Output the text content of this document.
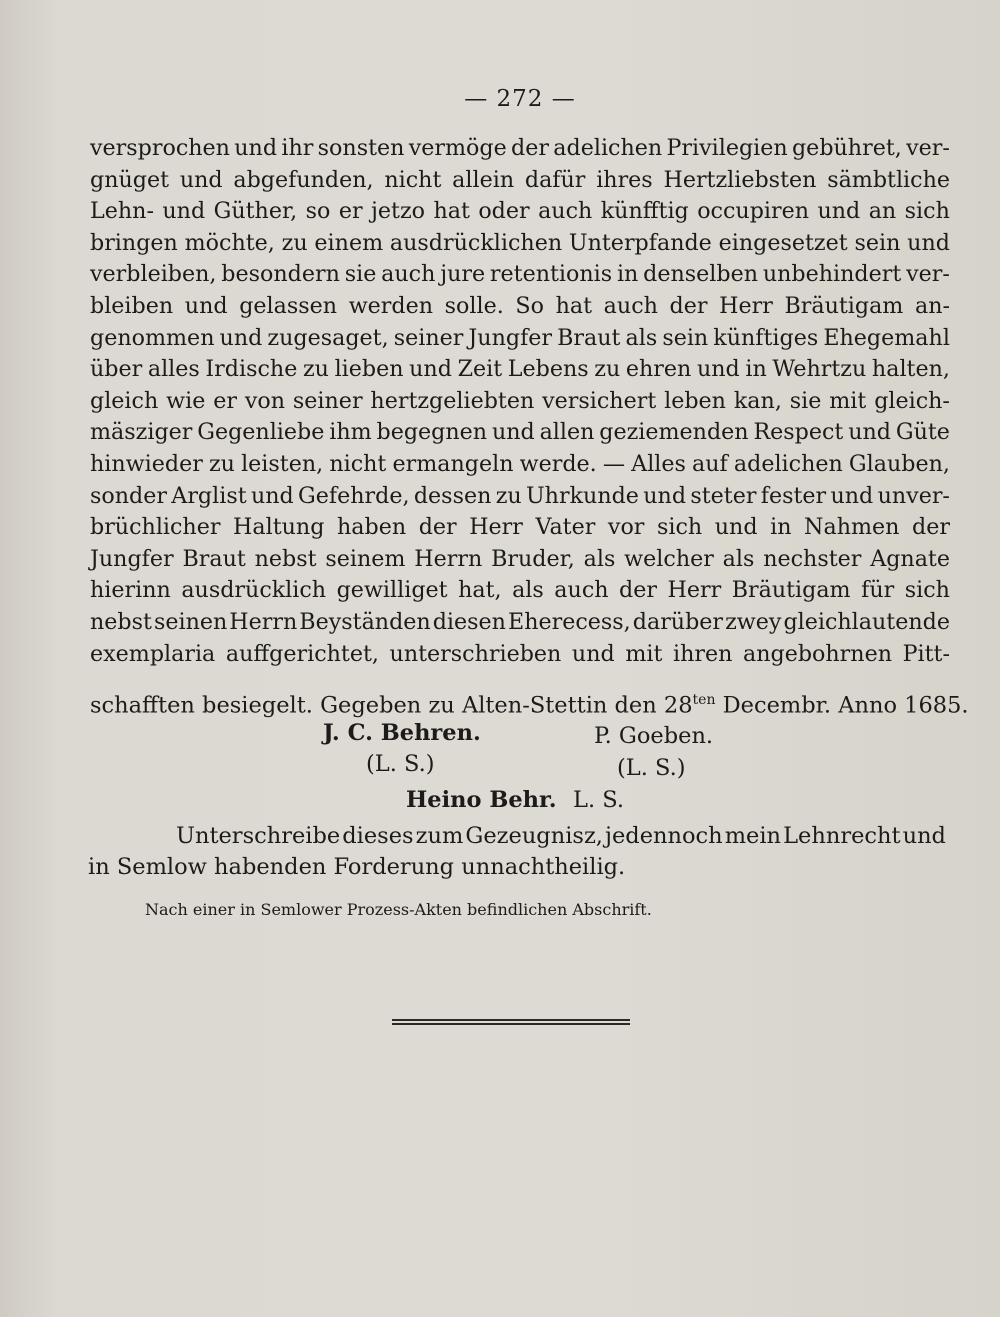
— 272 —
versprochen und ihr sonsten vermöge der adelichen Privilegien gebühret, ver-
gnüget und abgefunden, nicht allein dafür ihres Hertzliebsten sämbtliche
Lehn- und Güther, so er jetzo hat oder auch künfftig occupiren und an sich
bringen möchte, zu einem ausdrücklichen Unterpfande eingesetzet sein und
verbleiben, besondern sie auch jure retentionis in denselben unbehindert ver-
bleiben und gelassen werden solle. So hat auch der Herr Bräutigam an-
genommen und zugesaget, seiner Jungfer Braut als sein künftiges Ehegemahl
über alles Irdische zu lieben und Zeit Lebens zu ehren und in Wehrtzu halten,
gleich wie er von seiner hertzgeliebten versichert leben kan, sie mit gleich-
mäsziger Gegenliebe ihm begegnen und allen geziemenden Respect und Güte
hinwieder zu leisten, nicht ermangeln werde. — Alles auf adelichen Glauben,
sonder Arglist und Gefehrde, dessen zu Uhrkunde und steter fester und unver-
brüchlicher Haltung haben der Herr Vater vor sich und in Nahmen der
Jungfer Braut nebst seinem Herrn Bruder, als welcher als nechster Agnate
hierinn ausdrücklich gewilliget hat, als auch der Herr Bräutigam für sich
nebst seinen Herrn Beyständen diesen Eherecess, darüber zwey gleichlautende
exemplaria auffgerichtet, unterschrieben und mit ihren angebohrnen Pitt-
schafften besiegelt. Gegeben zu Alten-Stettin den $28^{ten}$ Decembr. Anno 1685.
J. C. Behren.
(L. S.)
P. Goeben.
(L. S.)
Heino Behr. L. S.
Unterschreibe dieses zum Gezeugnisz, jedennoch mein Lehnrecht und
in Semlow habenden Forderung unnachtheilig.
Nach einer in Semlower Prozess-Akten befindlichen Abschrift.
